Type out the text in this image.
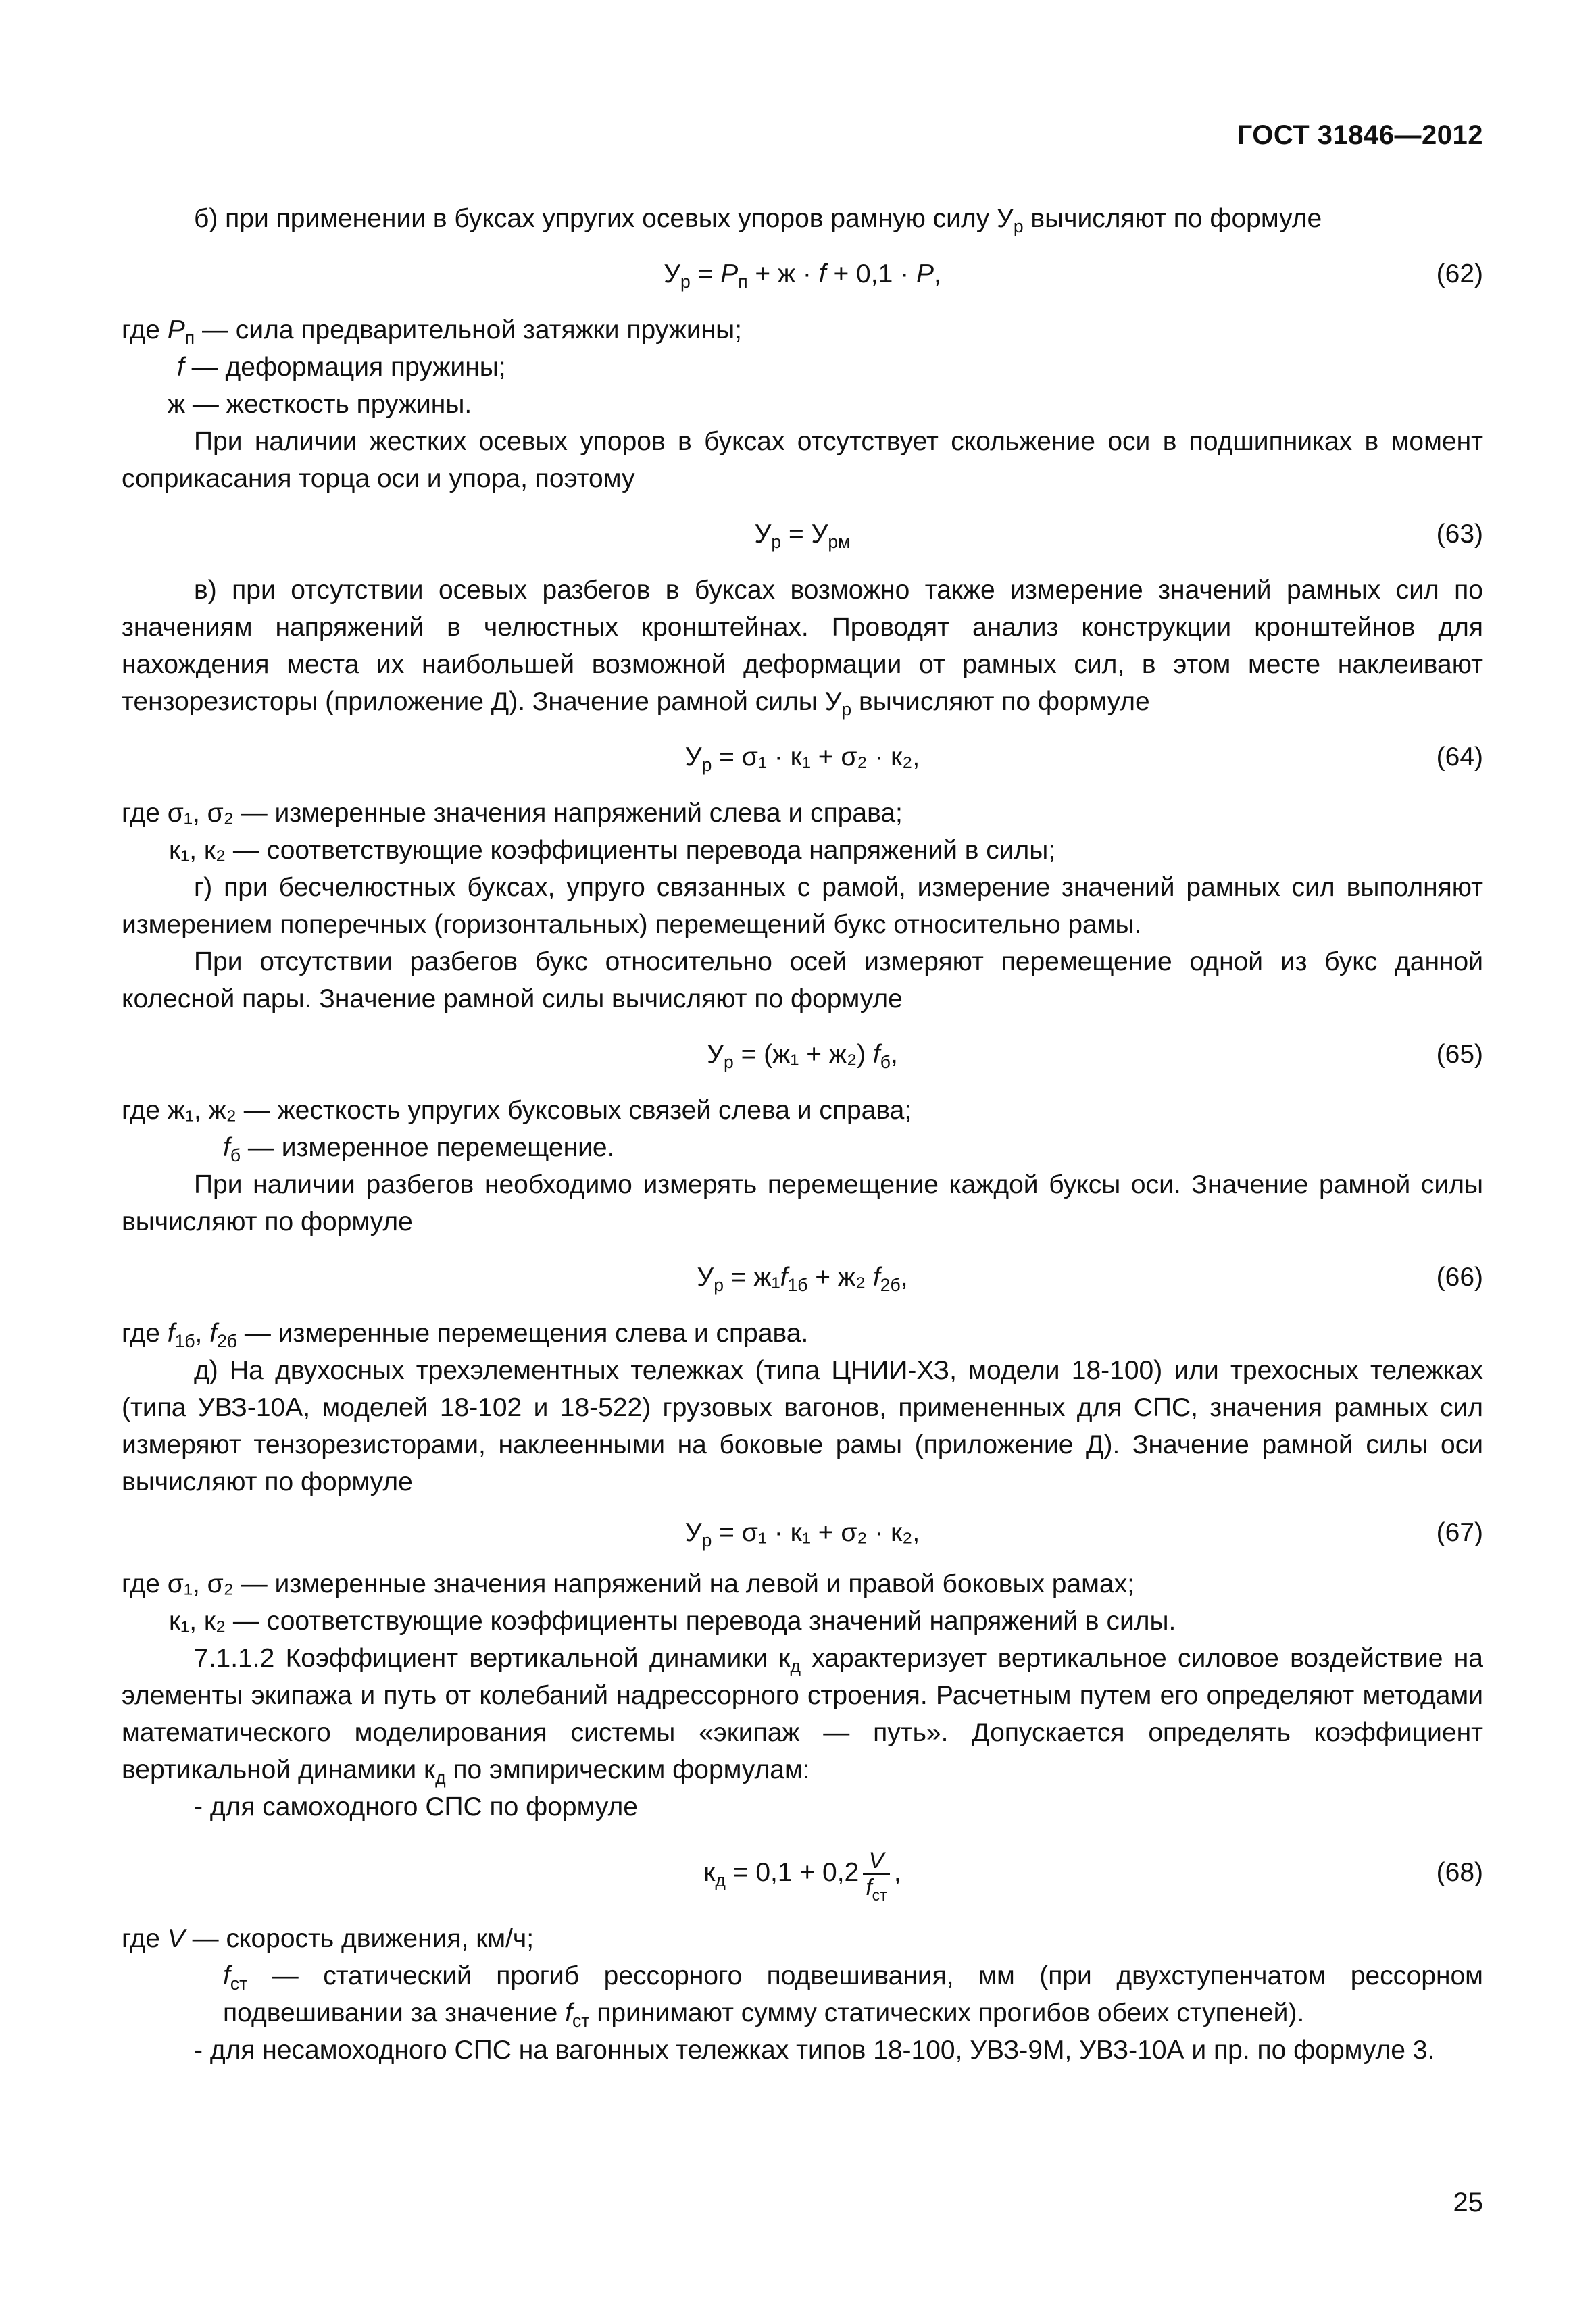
ГОСТ 31846—2012

б) при применении в буксах упругих осевых упоров рамную силу $У_р$ вычисляют по формуле

$У_р = P_п + ж \cdot f + 0,1 \cdot P$,	(62)

где $P_п$ — сила предварительной затяжки пружины;

f — деформация пружины;

ж — жесткость пружины.

При наличии жестких осевых упоров в буксах отсутствует скольжение оси в подшипниках в момент соприкасания торца оси и упора, поэтому

$У_р = У_{рм}$	(63)

в) при отсутствии осевых разбегов в буксах возможно также измерение значений рамных сил по значениям напряжений в челюстных кронштейнах. Проводят анализ конструкции кронштейнов для нахождения места их наибольшей возможной деформации от рамных сил, в этом месте наклеивают тензорезисторы (приложение Д). Значение рамной силы $У_р$ вычисляют по формуле

$У_р = \sigma_1 \cdot к_1 + \sigma_2 \cdot к_2$,	(64)

где σ₁, σ₂ — измеренные значения напряжений слева и справа;

к₁, к₂ — соответствующие коэффициенты перевода напряжений в силы;

г) при бесчелюстных буксах, упруго связанных с рамой, измерение значений рамных сил выполняют измерением поперечных (горизонтальных) перемещений букс относительно рамы.

При отсутствии разбегов букс относительно осей измеряют перемещение одной из букс данной колесной пары. Значение рамной силы вычисляют по формуле

$У_р = (ж_1 + ж_2)$ $f_б$,	(65)

где ж₁, ж₂ — жесткость упругих буксовых связей слева и справа;

$f_б$ — измеренное перемещение.

При наличии разбегов необходимо измерять перемещение каждой буксы оси. Значение рамной силы вычисляют по формуле

$У_р = ж_1f_{1б} + ж_2$ $f_{2б}$,	(66)

где $f_{1б}$, $f_{2б}$ — измеренные перемещения слева и справа.

д) На двухосных трехэлементных тележках (типа ЦНИИ-ХЗ, модели 18-100) или трехосных тележках (типа УВЗ-10А, моделей 18-102 и 18-522) грузовых вагонов, примененных для СПС, значения рамных сил измеряют тензорезисторами, наклеенными на боковые рамы (приложение Д). Значение рамной силы оси вычисляют по формуле

$У_р = \sigma_1 \cdot к_1 + \sigma_2 \cdot к_2$,	(67)

где σ₁, σ₂ — измеренные значения напряжений на левой и правой боковых рамах;

к₁, к₂ — соответствующие коэффициенты перевода значений напряжений в силы.

7.1.1.2 Коэффициент вертикальной динамики $к_д$ характеризует вертикальное силовое воздействие на элементы экипажа и путь от колебаний надрессорного строения. Расчетным путем его определяют методами математического моделирования системы «экипаж — путь». Допускается определять коэффициент вертикальной динамики $к_д$ по эмпирическим формулам:

- для самоходного СПС по формуле

$к_д = 0,1 + 0,2 \frac{V}{f_{ст}}$ ,	(68)

где V — скорость движения, км/ч;

$f_{ст}$ — статический прогиб рессорного подвешивания, мм (при двухступенчатом рессорном подвешивании за значение $f_{ст}$ принимают сумму статических прогибов обеих ступеней).

- для несамоходного СПС на вагонных тележках типов 18-100, УВЗ-9М, УВЗ-10А и пр. по формуле 3.

25
